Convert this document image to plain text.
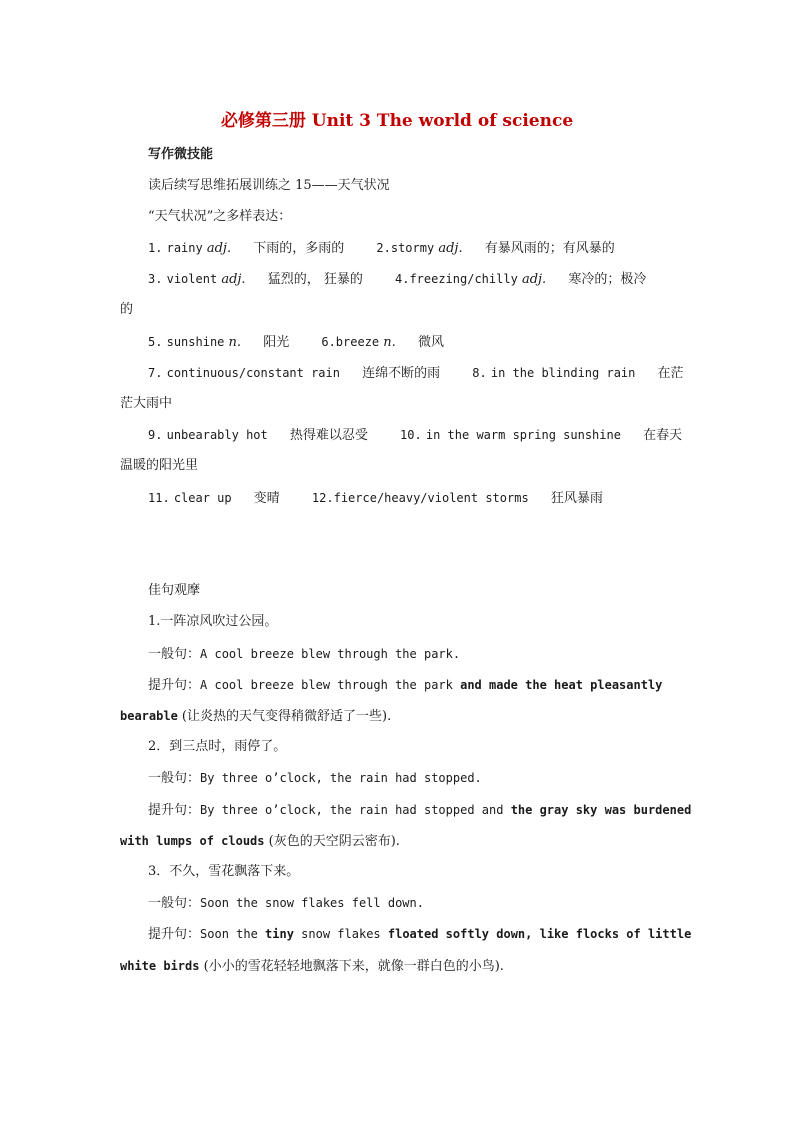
必修第三册 Unit 3 The world of science
写作微技能
读后续写思维拓展训练之 15——天气状况
“天气状况”之多样表达：
1. rainy adj. 下雨的，多雨的	2.stormy adj. 有暴风雨的；有风暴的
3. violent adj. 猛烈的， 狂暴的	4.freezing/chilly adj. 寒冷的；极冷
的
5. sunshine n. 阳光	6.breeze n. 微风
7. continuous/constant rain 连绵不断的雨	8. in the blinding rain 在茫
茫大雨中
9. unbearably hot 热得难以忍受	10. in the warm spring sunshine 在春天
温暖的阳光里
11. clear up 变晴	12.fierce/heavy/violent storms 狂风暴雨
佳句观摩
1.一阵凉风吹过公园。
一般句：A cool breeze blew through the park.
提升句：A cool breeze blew through the park and made the heat pleasantly
bearable (让炎热的天气变得稍微舒适了一些).
2．到三点时，雨停了。
一般句：By three o’clock, the rain had stopped.
提升句：By three o’clock, the rain had stopped and the gray sky was burdened
with lumps of clouds (灰色的天空阴云密布).
3．不久，雪花飘落下来。
一般句：Soon the snow flakes fell down.
提升句：Soon the tiny snow flakes floated softly down, like flocks of little
white birds (小小的雪花轻轻地飘落下来，就像一群白色的小鸟).
